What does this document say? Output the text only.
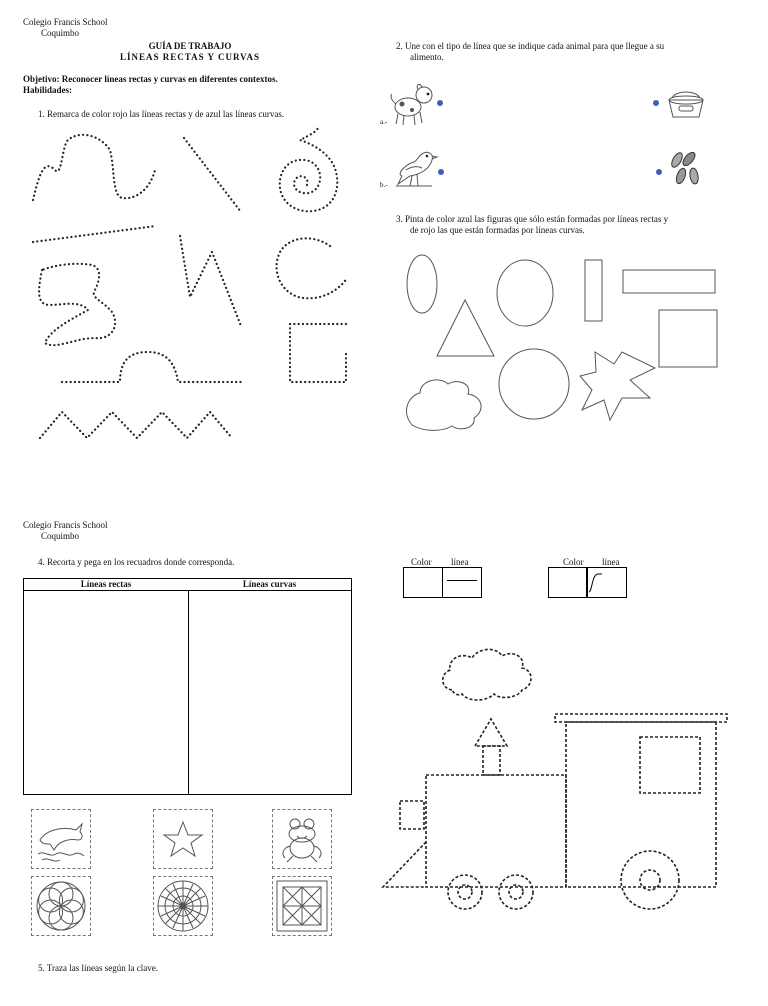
Colegio Francis School
Coquimbo
GUÍA DE TRABAJO
LÍNEAS RECTAS Y CURVAS
Objetivo: Reconocer líneas rectas y curvas en diferentes contextos.
Habilidades:
1. Remarca de color rojo las líneas rectas y de azul las líneas curvas.
2. Une con el tipo de línea que se indique cada animal para que llegue a su
alimento.
a.-
b.-
3. Pinta de color azul las figuras que sólo están formadas por líneas rectas y
de rojo las que están formadas por líneas curvas.
Colegio Francis School
Coquimbo
4. Recorta y pega en los recuadros donde corresponda.
Líneas rectas	Líneas curvas
Color línea	Color línea
5. Traza las líneas según la clave.
